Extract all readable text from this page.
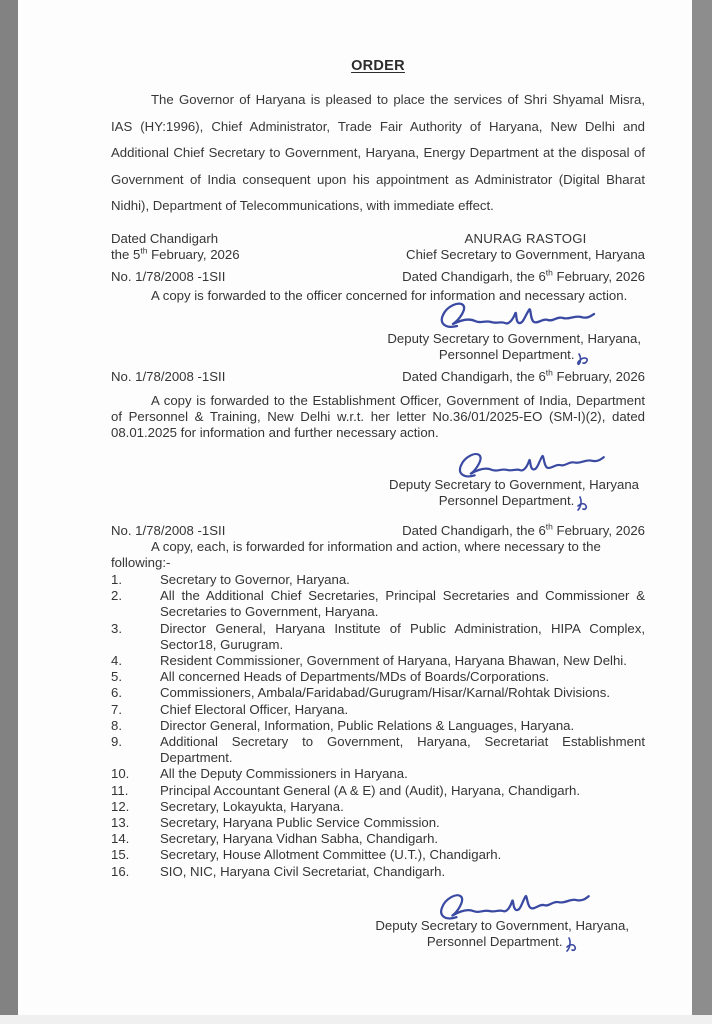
ORDER
The Governor of Haryana is pleased to place the services of Shri Shyamal Misra, IAS (HY:1996), Chief Administrator, Trade Fair Authority of Haryana, New Delhi and Additional Chief Secretary to Government, Haryana, Energy Department at the disposal of Government of India consequent upon his appointment as Administrator (Digital Bharat Nidhi), Department of Telecommunications, with immediate effect.
Dated Chandigarh
the 5th February, 2026
ANURAG RASTOGI
Chief Secretary to Government, Haryana
No. 1/78/2008 -1SII	Dated Chandigarh, the 6th February, 2026
A copy is forwarded to the officer concerned for information and necessary action.
Deputy Secretary to Government, Haryana,
Personnel Department.
No. 1/78/2008 -1SII	Dated Chandigarh, the 6th February, 2026
A copy is forwarded to the Establishment Officer, Government of India, Department of Personnel & Training, New Delhi w.r.t. her letter No.36/01/2025-EO (SM-I)(2), dated 08.01.2025 for information and further necessary action.
Deputy Secretary to Government, Haryana
Personnel Department.
No. 1/78/2008 -1SII	Dated Chandigarh, the 6th February, 2026
A copy, each, is forwarded for information and action, where necessary to the
following:-
1.	Secretary to Governor, Haryana.
2.	All the Additional Chief Secretaries, Principal Secretaries and Commissioner & Secretaries to Government, Haryana.
3.	Director General, Haryana Institute of Public Administration, HIPA Complex, Sector18, Gurugram.
4.	Resident Commissioner, Government of Haryana, Haryana Bhawan, New Delhi.
5.	All concerned Heads of Departments/MDs of Boards/Corporations.
6.	Commissioners, Ambala/Faridabad/Gurugram/Hisar/Karnal/Rohtak Divisions.
7.	Chief Electoral Officer, Haryana.
8.	Director General, Information, Public Relations & Languages, Haryana.
9.	Additional Secretary to Government, Haryana, Secretariat Establishment Department.
10.	All the Deputy Commissioners in Haryana.
11.	Principal Accountant General (A & E) and (Audit), Haryana, Chandigarh.
12.	Secretary, Lokayukta, Haryana.
13.	Secretary, Haryana Public Service Commission.
14.	Secretary, Haryana Vidhan Sabha, Chandigarh.
15.	Secretary, House Allotment Committee (U.T.), Chandigarh.
16.	SIO, NIC, Haryana Civil Secretariat, Chandigarh.
Deputy Secretary to Government, Haryana,
Personnel Department.
